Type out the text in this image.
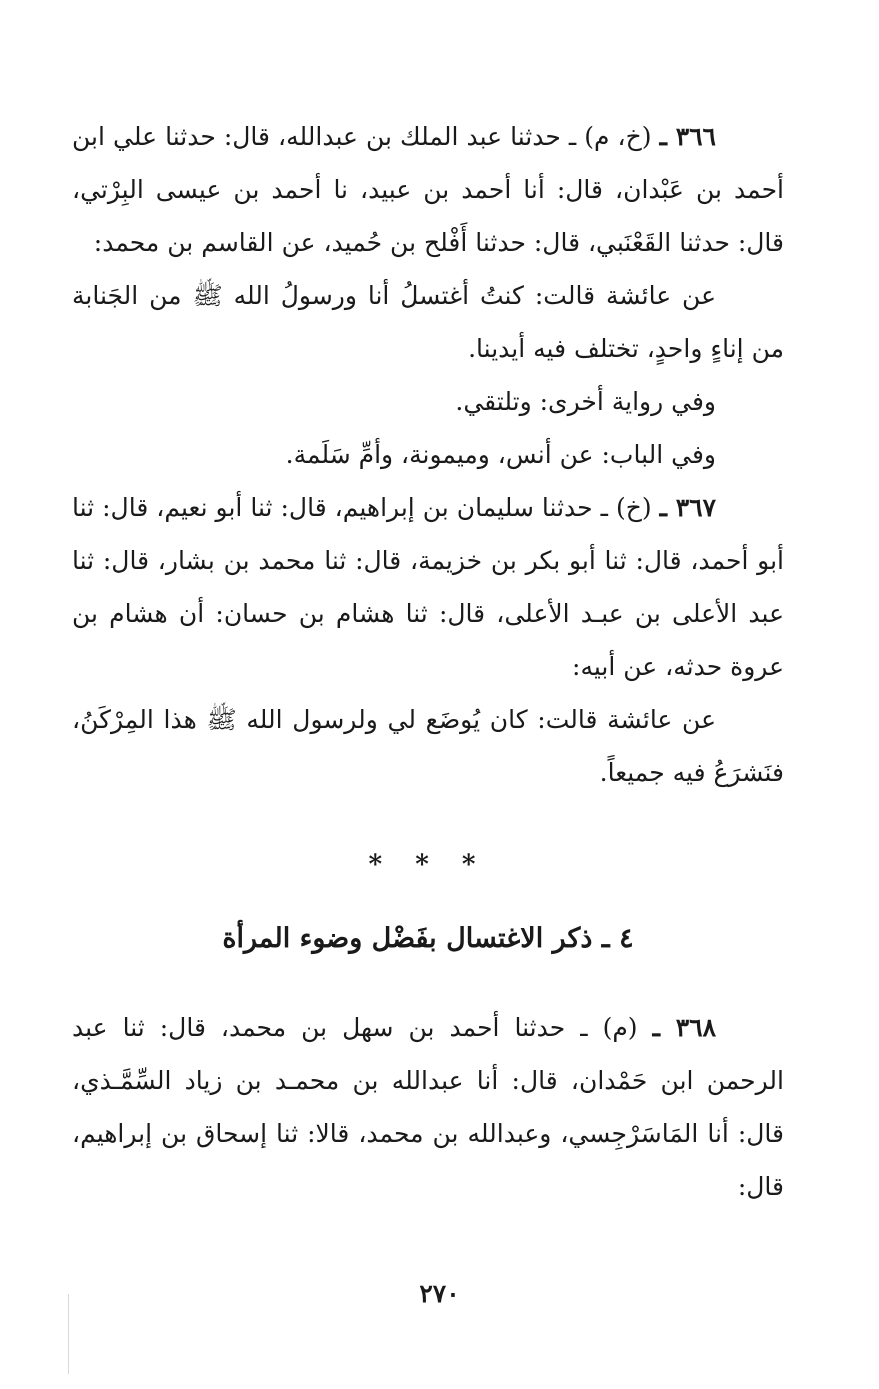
٣٦٦ ـ (خ، م) ـ حدثنا عبد الملك بن عبدالله، قال: حدثنا علي ابن أحمد بن عَبْدان، قال: أنا أحمد بن عبيد، نا أحمد بن عيسى البِرْتي، قال: حدثنا القَعْنَبي، قال: حدثنا أَفْلح بن حُميد، عن القاسم بن محمد:

عن عائشة قالت: كنتُ أغتسلُ أنا ورسولُ الله ﷺ من الجَنابة من إناءٍ واحدٍ، تختلف فيه أيدينا.

وفي رواية أخرى: وتلتقي.

وفي الباب: عن أنس، وميمونة، وأمِّ سَلَمة.

٣٦٧ ـ (خ) ـ حدثنا سليمان بن إبراهيم، قال: ثنا أبو نعيم، قال: ثنا أبو أحمد، قال: ثنا أبو بكر بن خزيمة، قال: ثنا محمد بن بشار، قال: ثنا عبد الأعلى بن عبـد الأعلى، قال: ثنا هشام بن حسان: أن هشام بن عروة حدثه، عن أبيه:

عن عائشة قالت: كان يُوضَع لي ولرسول الله ﷺ هذا المِرْكَنُ، فنَشرَعُ فيه جميعاً.

* * *
٤ ـ ذكر الاغتسال بفَضْل وضوء المرأة

٣٦٨ ـ (م) ـ حدثنا أحمد بن سهل بن محمد، قال: ثنا عبد الرحمن ابن حَمْدان، قال: أنا عبدالله بن محمـد بن زياد السِّمَّـذي، قال: أنا المَاسَرْجِسي، وعبدالله بن محمد، قالا: ثنا إسحاق بن إبراهيم، قال:

٢٧٠
